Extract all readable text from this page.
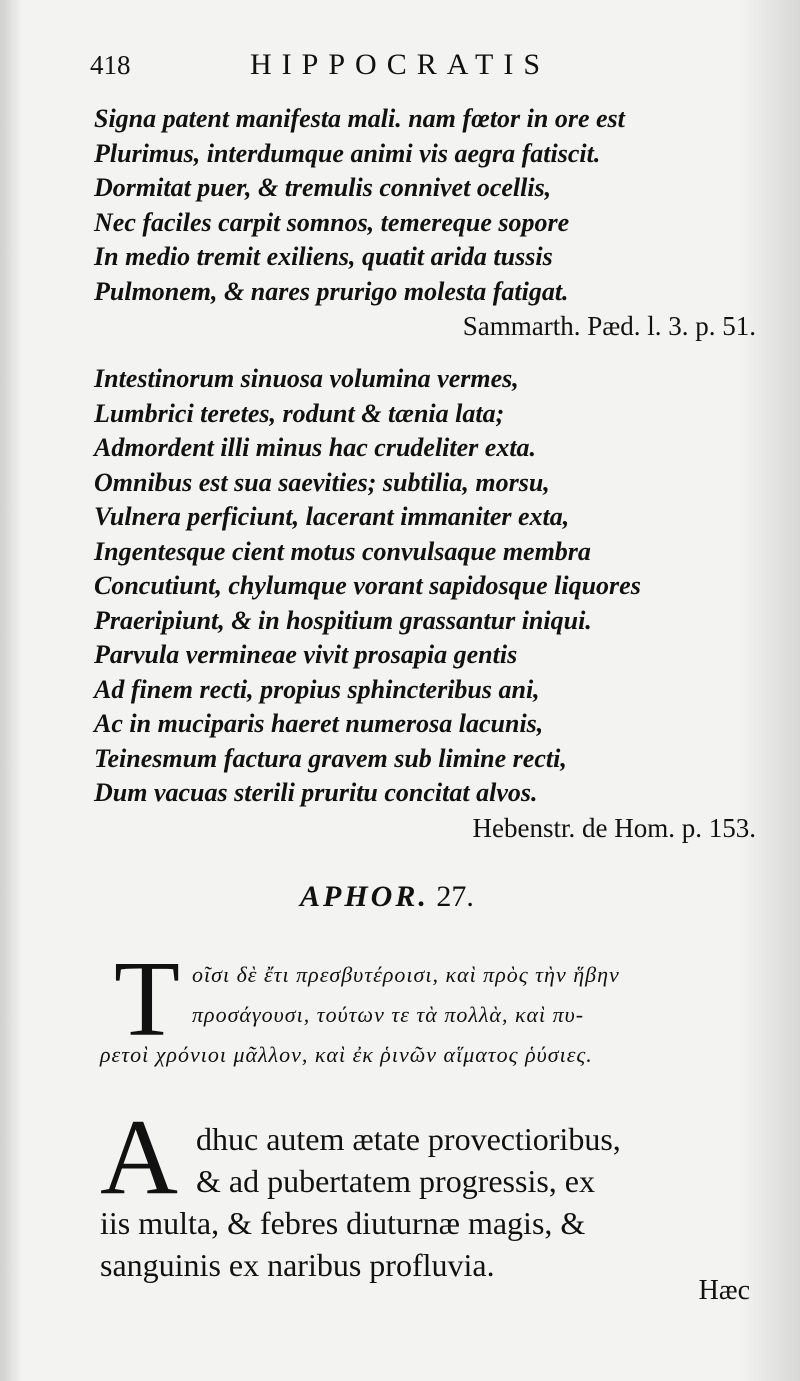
418	HIPPOCRATIS
Signa patent manifesta mali. nam fœtor in ore est
Plurimus, interdumque animi vis aegra fatiscit.
Dormitat puer, & tremulis connivet ocellis,
Nec faciles carpit somnos, temereque sopore
In medio tremit exiliens, quatit arida tussis
Pulmonem, & nares prurigo molesta fatigat.
Sammarth. Pæd. l. 3. p. 51.
Intestinorum sinuosa volumina vermes,
Lumbrici teretes, rodunt & tænia lata;
Admordent illi minus hac crudeliter exta.
Omnibus est sua saevities; subtilia, morsu,
Vulnera perficiunt, lacerant immaniter exta,
Ingentesque cient motus convulsaque membra
Concutiunt, chylumque vorant sapidosque liquores
Praeripiunt, & in hospitium grassantur iniqui.
Parvula vermineae vivit prosapia gentis
Ad finem recti, propius sphincteribus ani,
Ac in muciparis haeret numerosa lacunis,
Teinesmum factura gravem sub limine recti,
Dum vacuas sterili pruritu concitat alvos.
Hebenstr. de Hom. p. 153.
APHOR. 27.
T οῖσι δὲ ἔτι πρεσβυτέροισι, καὶ πρὸς τὴν ἥβην
προσάγουσι, τούτων τε τὰ πολλὰ, καὶ πυ-
ρετοὶ χρόνιοι μᾶλλον, καὶ ἐκ ῥινῶν αἵματος ῥύσιες.
A dhuc autem ætate provectioribus,
& ad pubertatem progressis, ex
iis multa, & febres diuturnæ magis, &
sanguinis ex naribus profluvia.
Hæc
